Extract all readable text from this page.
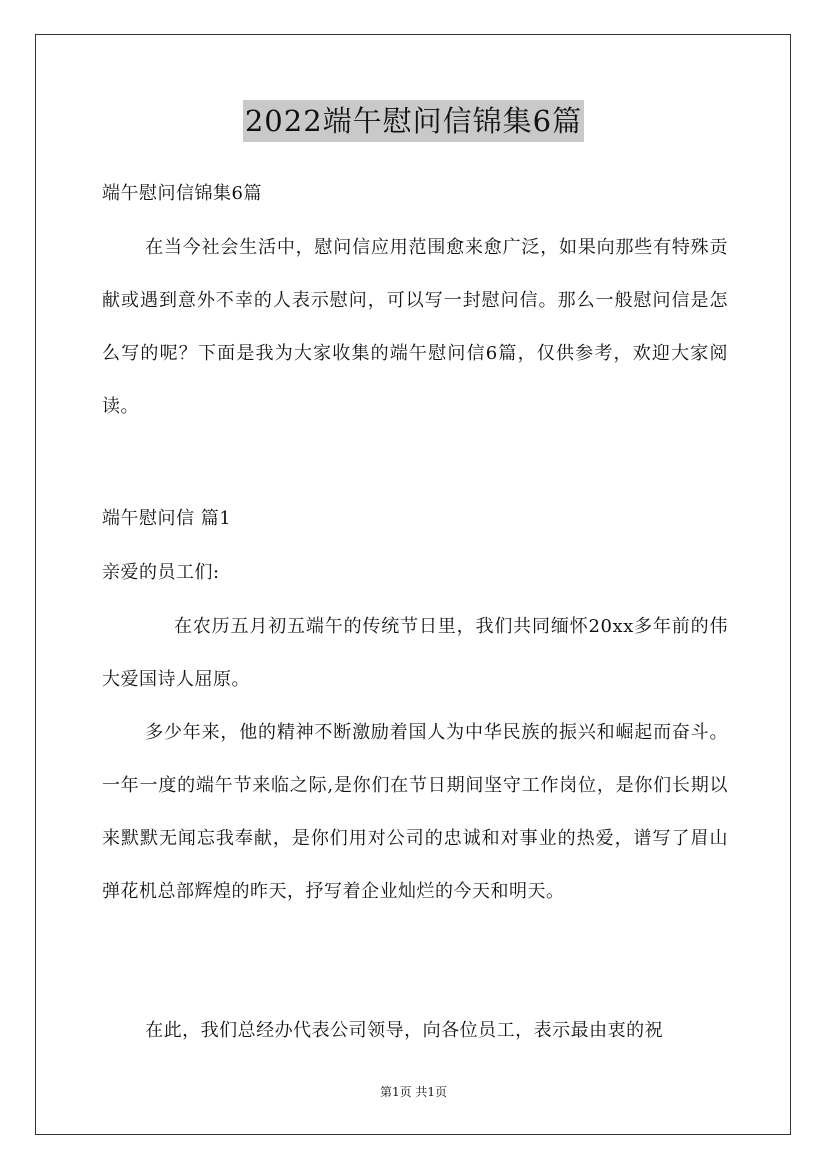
2022端午慰问信锦集6篇
端午慰问信锦集6篇
在当今社会生活中，慰问信应用范围愈来愈广泛，如果向那些有特殊贡献或遇到意外不幸的人表示慰问，可以写一封慰问信。那么一般慰问信是怎么写的呢？下面是我为大家收集的端午慰问信6篇，仅供参考，欢迎大家阅读。
端午慰问信 篇1
亲爱的员工们:
在农历五月初五端午的传统节日里，我们共同缅怀20xx多年前的伟大爱国诗人屈原。
多少年来，他的精神不断激励着国人为中华民族的振兴和崛起而奋斗。一年一度的端午节来临之际,是你们在节日期间坚守工作岗位，是你们长期以来默默无闻忘我奉献，是你们用对公司的忠诚和对事业的热爱，谱写了眉山弹花机总部辉煌的昨天，抒写着企业灿烂的今天和明天。
在此，我们总经办代表公司领导，向各位员工，表示最由衷的祝
第1页 共1页
